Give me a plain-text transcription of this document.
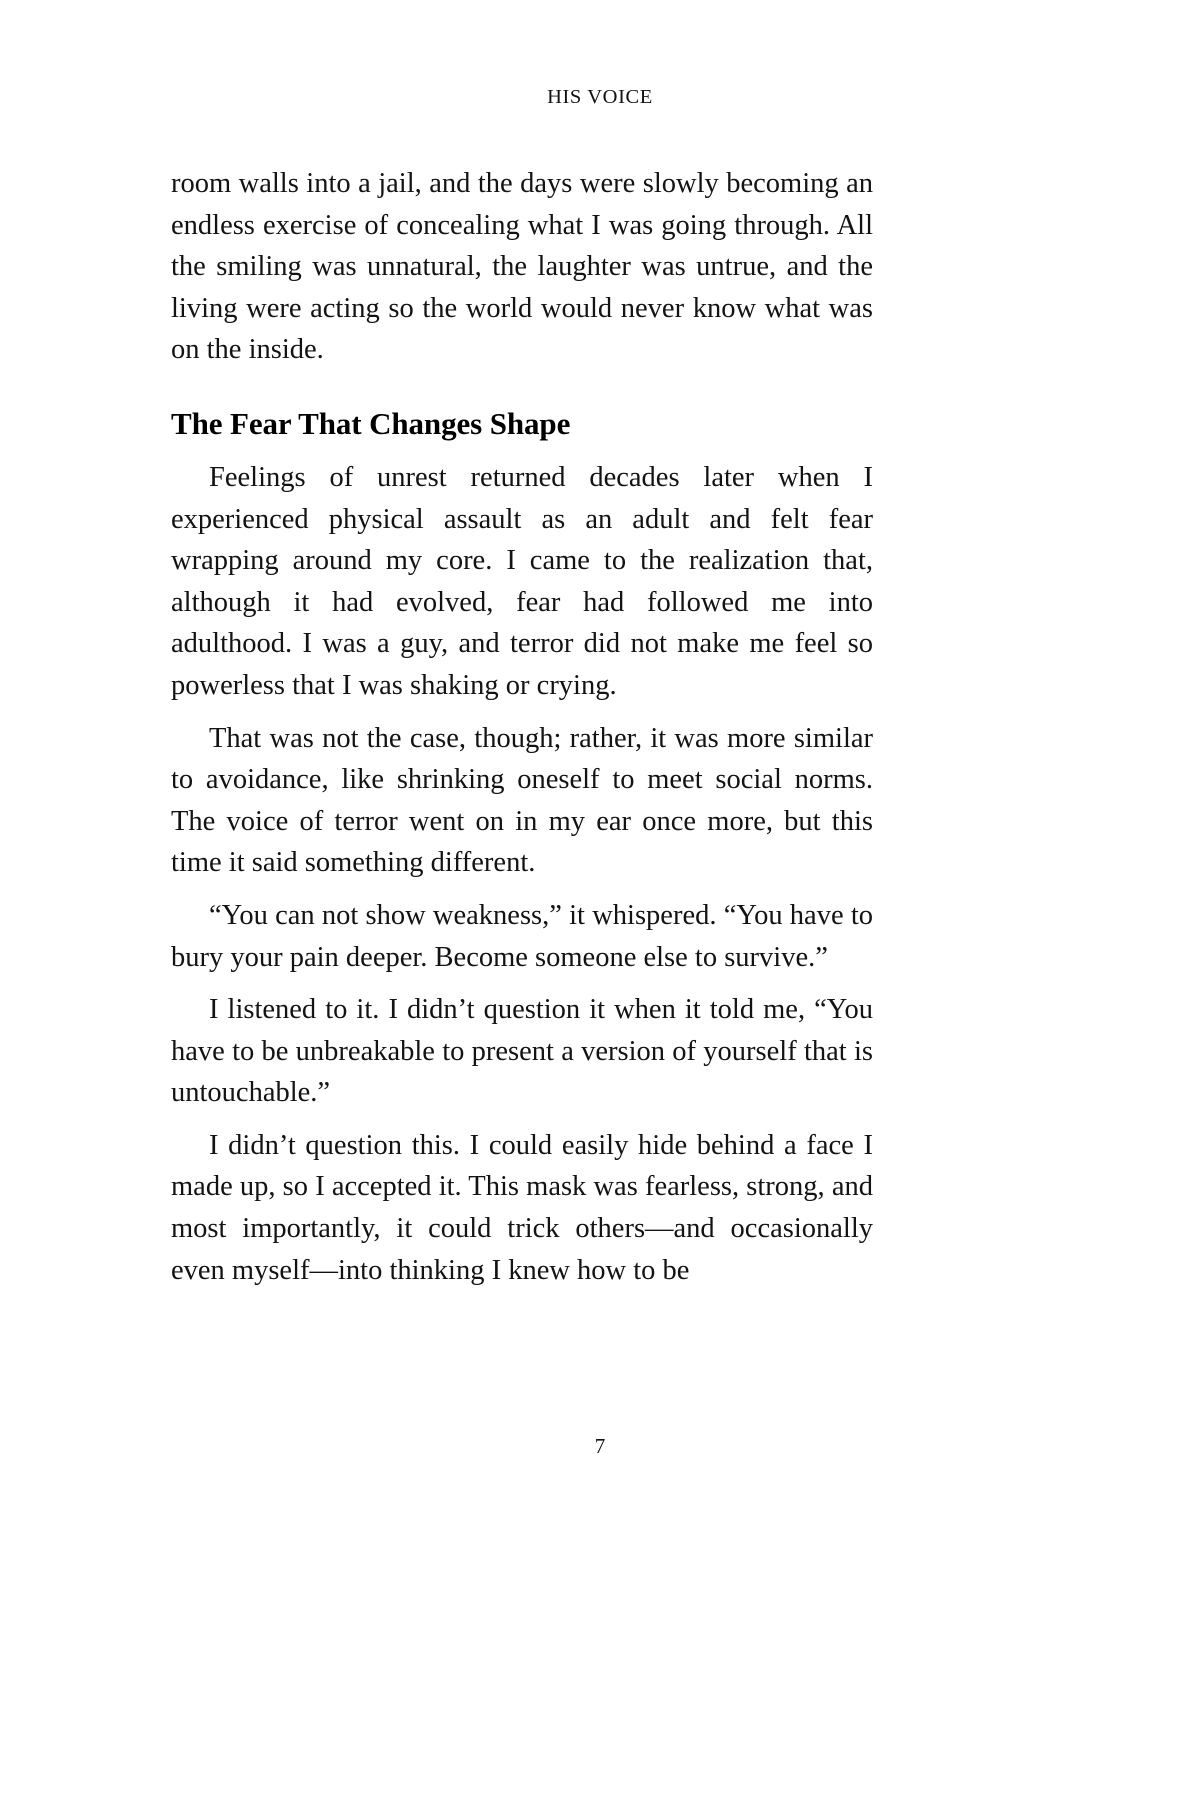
HIS VOICE

room walls into a jail, and the days were slowly becoming an endless exercise of concealing what I was going through. All the smiling was unnatural, the laughter was untrue, and the living were acting so the world would never know what was on the inside.

The Fear That Changes Shape

Feelings of unrest returned decades later when I experienced physical assault as an adult and felt fear wrapping around my core. I came to the realization that, although it had evolved, fear had followed me into adulthood. I was a guy, and terror did not make me feel so powerless that I was shaking or crying.

That was not the case, though; rather, it was more similar to avoidance, like shrinking oneself to meet social norms. The voice of terror went on in my ear once more, but this time it said something different.

“You can not show weakness,” it whispered. “You have to bury your pain deeper. Become someone else to survive.”

I listened to it. I didn’t question it when it told me, “You have to be unbreakable to present a version of yourself that is untouchable.”

I didn’t question this. I could easily hide behind a face I made up, so I accepted it. This mask was fearless, strong, and most importantly, it could trick others—and occasionally even myself—into thinking I knew how to be

7
